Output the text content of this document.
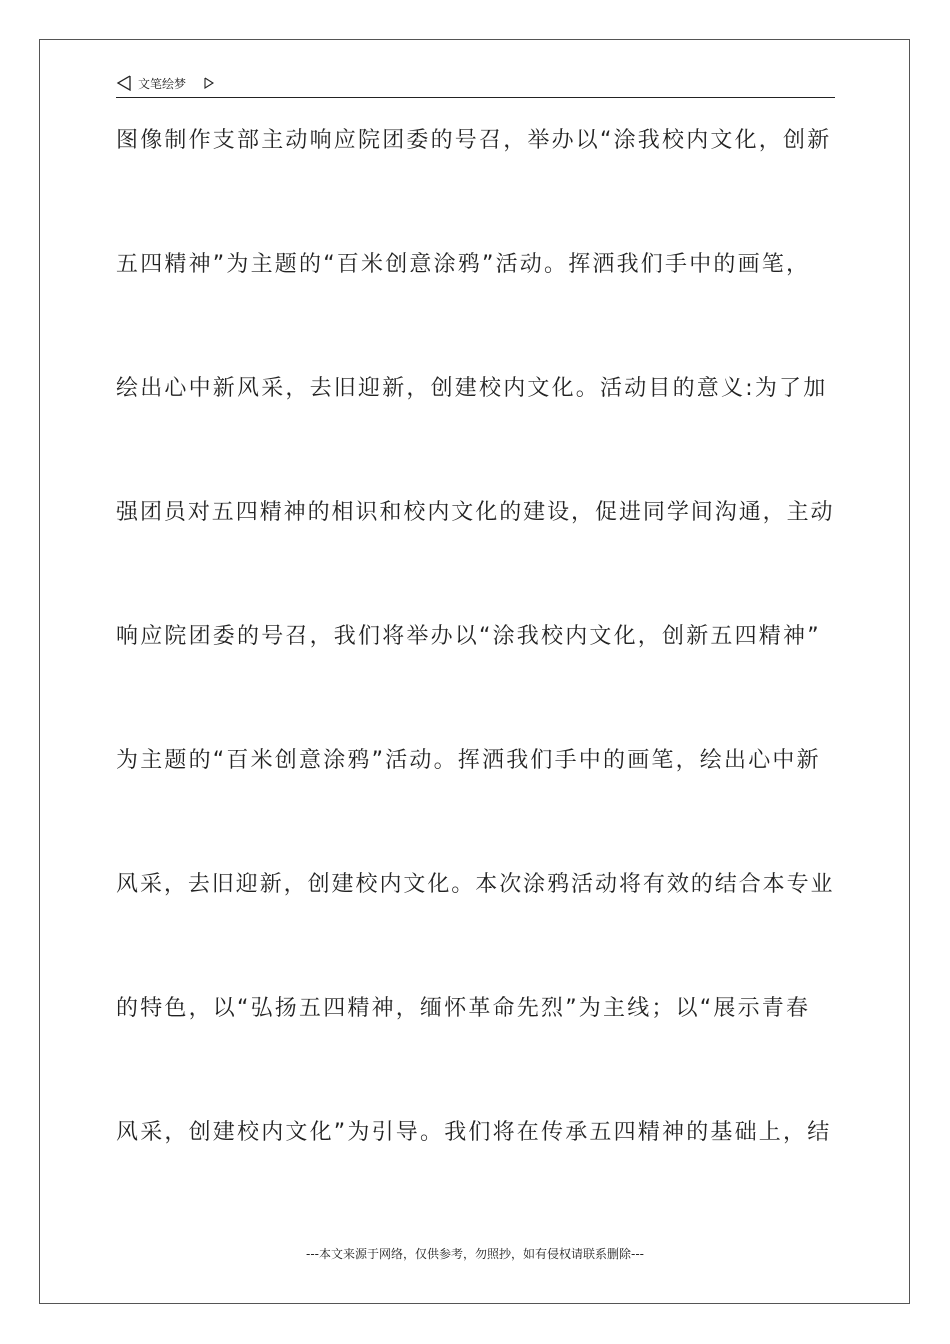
文笔绘梦
图像制作支部主动响应院团委的号召，举办以“涂我校内文化，创新
五四精神”为主题的“百米创意涂鸦”活动。挥洒我们手中的画笔，
绘出心中新风采，去旧迎新，创建校内文化。活动目的意义:为了加
强团员对五四精神的相识和校内文化的建设，促进同学间沟通，主动
响应院团委的号召，我们将举办以“涂我校内文化，创新五四精神”
为主题的“百米创意涂鸦”活动。挥洒我们手中的画笔，绘出心中新
风采，去旧迎新，创建校内文化。本次涂鸦活动将有效的结合本专业
的特色，以“弘扬五四精神，缅怀革命先烈”为主线；以“展示青春
风采，创建校内文化”为引导。我们将在传承五四精神的基础上，结
---本文来源于网络，仅供参考，勿照抄，如有侵权请联系删除---
